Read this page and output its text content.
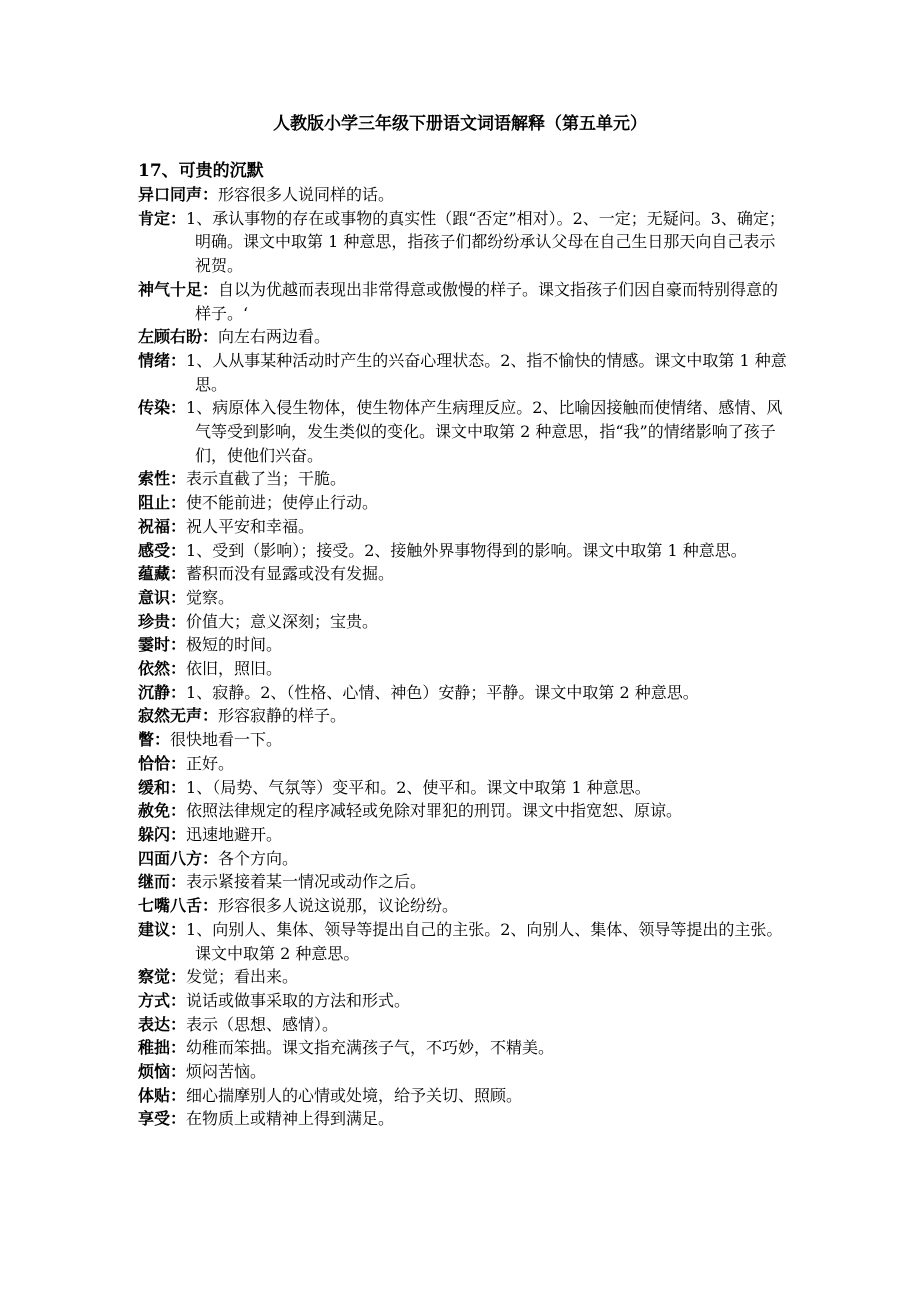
人教版小学三年级下册语文词语解释（第五单元）
17、可贵的沉默
异口同声：形容很多人说同样的话。
肯定：1、承认事物的存在或事物的真实性（跟“否定”相对）。2、一定；无疑问。3、确定；明确。课文中取第 1 种意思，指孩子们都纷纷承认父母在自己生日那天向自己表示祝贺。
神气十足：自以为优越而表现出非常得意或傲慢的样子。课文指孩子们因自豪而特别得意的样子。‘
左顾右盼：向左右两边看。
情绪：1、人从事某种活动时产生的兴奋心理状态。2、指不愉快的情感。课文中取第 1 种意思。
传染：1、病原体入侵生物体，使生物体产生病理反应。2、比喻因接触而使情绪、感情、风气等受到影响，发生类似的变化。课文中取第 2 种意思，指“我”的情绪影响了孩子们，使他们兴奋。
索性：表示直截了当；干脆。
阻止：使不能前进；使停止行动。
祝福：祝人平安和幸福。
感受：1、受到（影响）；接受。2、接触外界事物得到的影响。课文中取第 1 种意思。
蕴藏：蓄积而没有显露或没有发掘。
意识：觉察。
珍贵：价值大；意义深刻；宝贵。
霎时：极短的时间。
依然：依旧，照旧。
沉静：1、寂静。2、（性格、心情、神色）安静；平静。课文中取第 2 种意思。
寂然无声：形容寂静的样子。
瞥：很快地看一下。
恰恰：正好。
缓和：1、（局势、气氛等）变平和。2、使平和。课文中取第 1 种意思。
赦免：依照法律规定的程序减轻或免除对罪犯的刑罚。课文中指宽恕、原谅。
躲闪：迅速地避开。
四面八方：各个方向。
继而：表示紧接着某一情况或动作之后。
七嘴八舌：形容很多人说这说那，议论纷纷。
建议：1、向别人、集体、领导等提出自己的主张。2、向别人、集体、领导等提出的主张。课文中取第 2 种意思。
察觉：发觉；看出来。
方式：说话或做事采取的方法和形式。
表达：表示（思想、感情）。
稚拙：幼稚而笨拙。课文指充满孩子气，不巧妙，不精美。
烦恼：烦闷苦恼。
体贴：细心揣摩别人的心情或处境，给予关切、照顾。
享受：在物质上或精神上得到满足。
